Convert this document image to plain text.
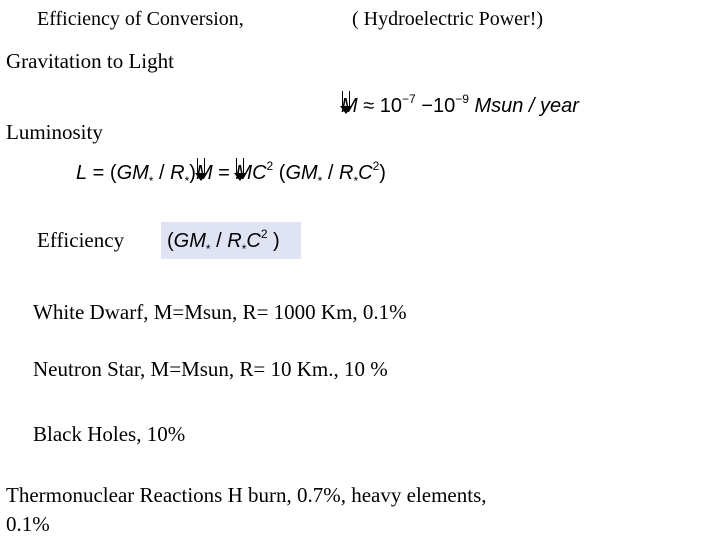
Efficiency of Conversion,	( Hydroelectric Power!)
Gravitation to Light
$M \approx 10^{-7} -10^{-9}$ Msun / year
Luminosity
$L = (GM_* / R_*)M = MC^2$ $(GM_* / R_*C^2)$
Efficiency ($GM_* / R_*C^2$ )
White Dwarf, M=Msun, R= 1000 Km, 0.1%
Neutron Star, M=Msun, R= 10 Km., 10 %
Black Holes, 10%
Thermonuclear Reactions H burn, 0.7%, heavy elements,
0.1%
